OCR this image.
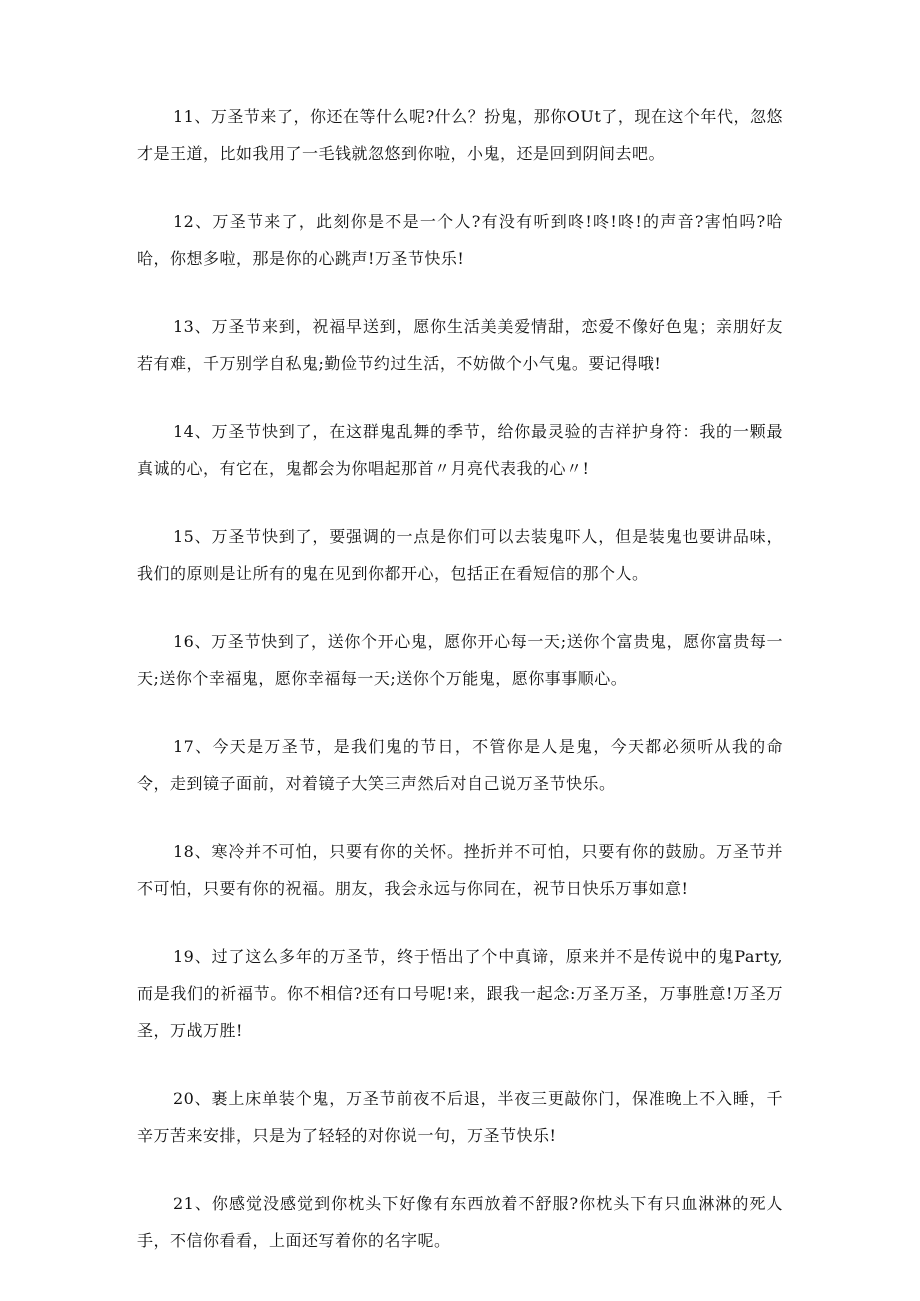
11、万圣节来了，你还在等什么呢?什么？扮鬼，那你OUt了，现在这个年代，忽悠才是王道，比如我用了一毛钱就忽悠到你啦，小鬼，还是回到阴间去吧。

12、万圣节来了，此刻你是不是一个人?有没有听到咚!咚!咚!的声音?害怕吗?哈哈，你想多啦，那是你的心跳声!万圣节快乐!

13、万圣节来到，祝福早送到，愿你生活美美爱情甜，恋爱不像好色鬼；亲朋好友若有难，千万别学自私鬼;勤俭节约过生活，不妨做个小气鬼。要记得哦!

14、万圣节快到了，在这群鬼乱舞的季节，给你最灵验的吉祥护身符：我的一颗最真诚的心，有它在，鬼都会为你唱起那首〃月亮代表我的心〃!

15、万圣节快到了，要强调的一点是你们可以去装鬼吓人，但是装鬼也要讲品味，我们的原则是让所有的鬼在见到你都开心，包括正在看短信的那个人。

16、万圣节快到了，送你个开心鬼，愿你开心每一天;送你个富贵鬼，愿你富贵每一天;送你个幸福鬼，愿你幸福每一天;送你个万能鬼，愿你事事顺心。

17、今天是万圣节，是我们鬼的节日，不管你是人是鬼，今天都必须听从我的命令，走到镜子面前，对着镜子大笑三声然后对自己说万圣节快乐。

18、寒冷并不可怕，只要有你的关怀。挫折并不可怕，只要有你的鼓励。万圣节并不可怕，只要有你的祝福。朋友，我会永远与你同在，祝节日快乐万事如意!

19、过了这么多年的万圣节，终于悟出了个中真谛，原来并不是传说中的鬼Party,而是我们的祈福节。你不相信?还有口号呢!来，跟我一起念:万圣万圣，万事胜意!万圣万圣，万战万胜!

20、裹上床单装个鬼，万圣节前夜不后退，半夜三更敲你门，保准晚上不入睡，千辛万苦来安排，只是为了轻轻的对你说一句，万圣节快乐!

21、你感觉没感觉到你枕头下好像有东西放着不舒服?你枕头下有只血淋淋的死人手，不信你看看，上面还写着你的名字呢。
